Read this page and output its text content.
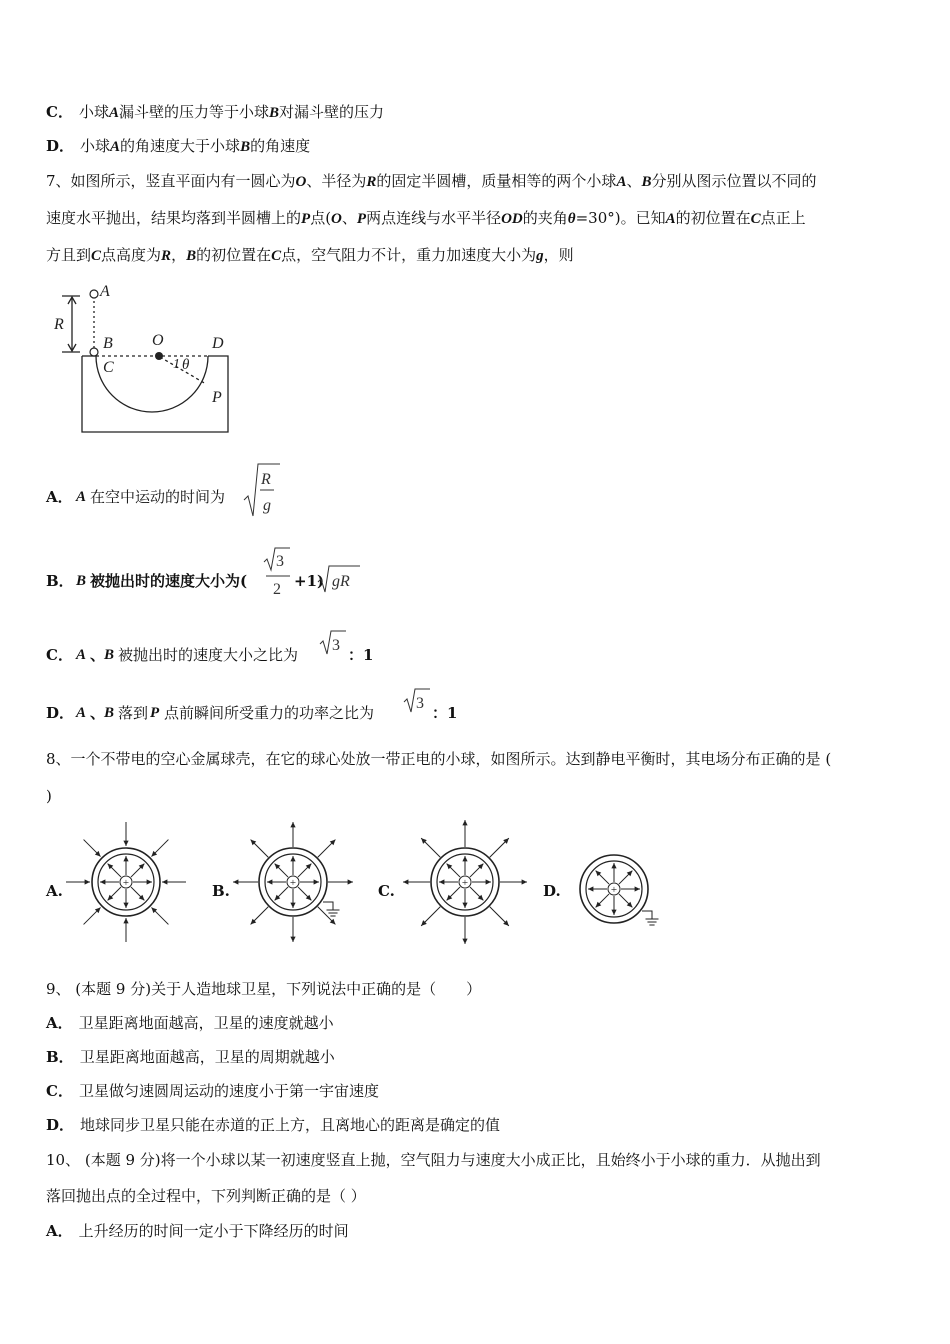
C． 小球A漏斗壁的压力等于小球B对漏斗壁的压力
D． 小球A的角速度大于小球B的角速度
7、如图所示，竖直平面内有一圆心为O、半径为R的固定半圆槽，质量相等的两个小球A、B分别从图示位置以不同的
速度水平抛出，结果均落到半圆槽上的P点(O、P两点连线与水平半径OD的夹角θ=30°)。已知A的初位置在C点正上
方且到C点高度为R，B的初位置在C点，空气阻力不计，重力加速度大小为g，则
A
R
B
C
O	D
P
1 θ
A． A 在空中运动的时间为
R
g
B． B 被抛出时的速度大小为(
3
2 +1) gR
C． A 、
B 被抛出时的速度大小之比为
3
：1
D． A 、
B 落到 P 点前瞬间所受重力的功率之比为
3
：1
8、一个不带电的空心金属球壳，在它的球心处放一带正电的小球，如图所示。达到静电平衡时，其电场分布正确的是 (
)
A.	B.	C.	D.
+	+	+
+
9、 (本题 9 分)关于人造地球卫星，下列说法中正确的是（　　）
A． 卫星距离地面越高，卫星的速度就越小
B． 卫星距离地面越高，卫星的周期就越小
C． 卫星做匀速圆周运动的速度小于第一宇宙速度
D． 地球同步卫星只能在赤道的正上方，且离地心的距离是确定的值
10、 (本题 9 分)将一个小球以某一初速度竖直上抛，空气阻力与速度大小成正比，且始终小于小球的重力．从抛出到
落回抛出点的全过程中，下列判断正确的是（ ）
A． 上升经历的时间一定小于下降经历的时间
